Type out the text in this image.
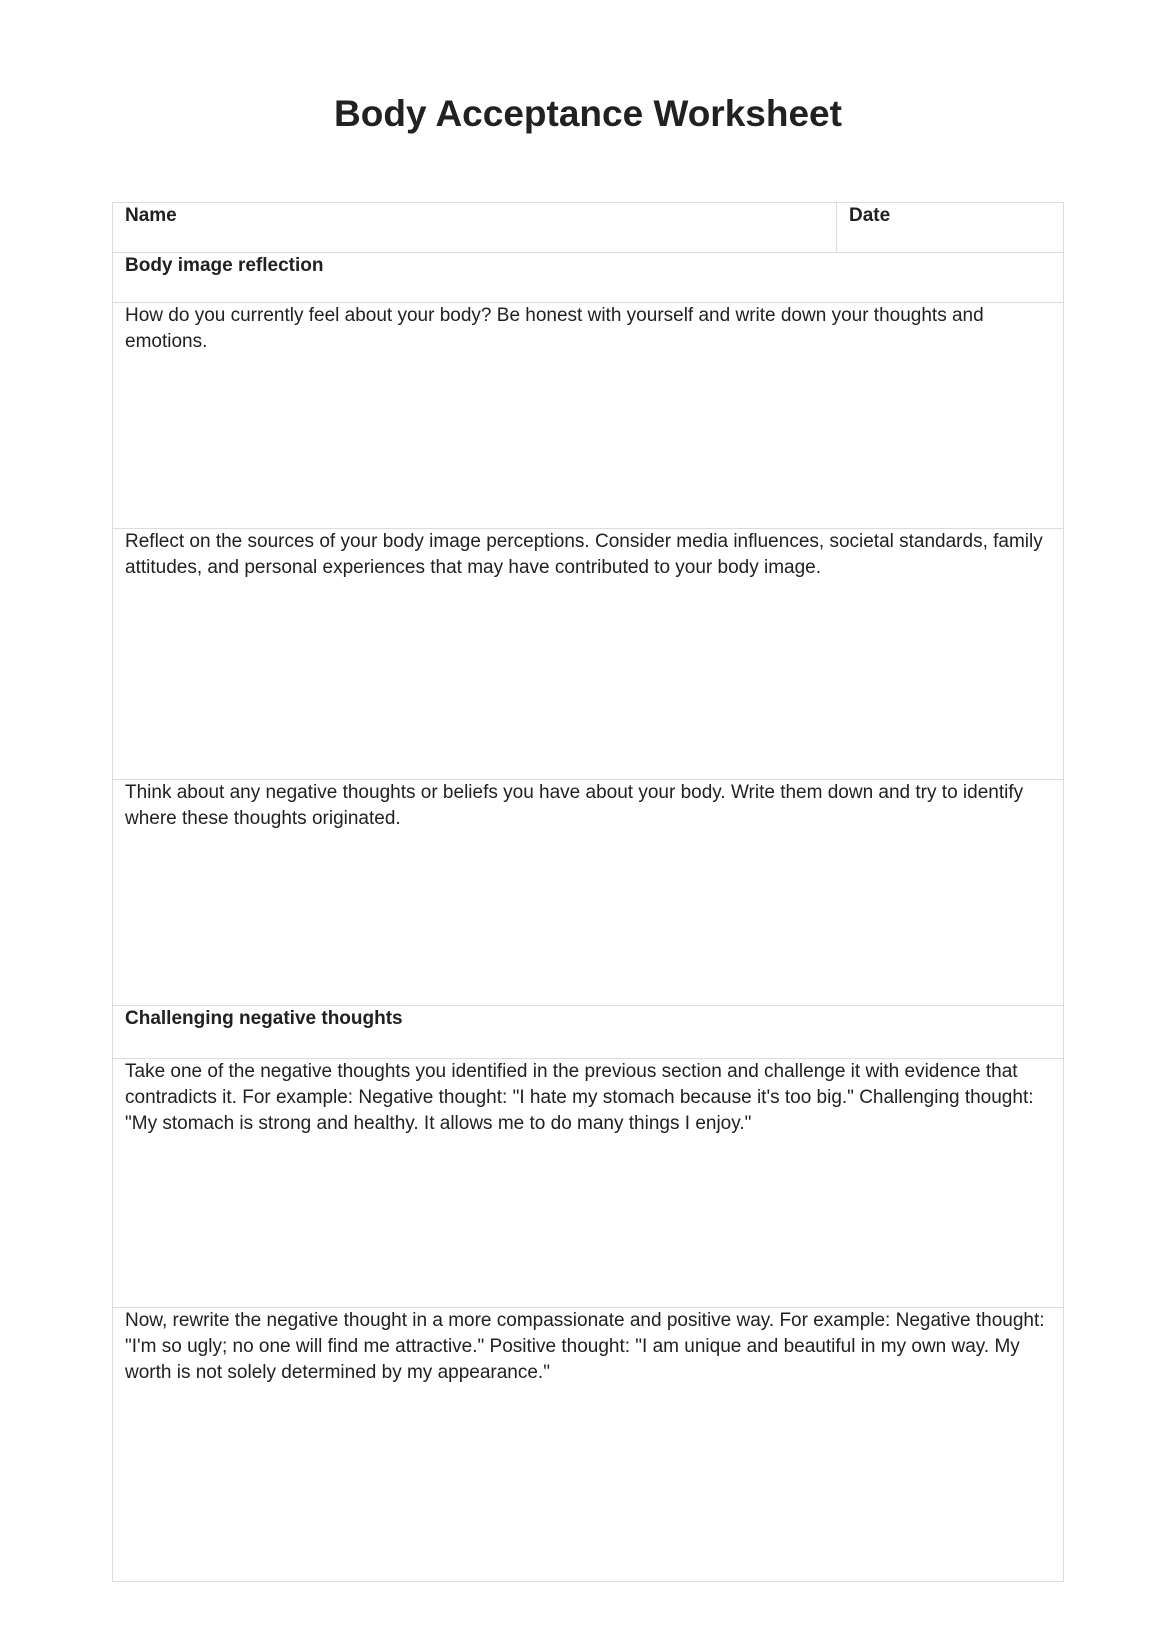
Body Acceptance Worksheet
Name	Date
Body image reflection

How do you currently feel about your body? Be honest with yourself and write down your thoughts and emotions.

Reflect on the sources of your body image perceptions. Consider media influences, societal standards, family attitudes, and personal experiences that may have contributed to your body image.

Think about any negative thoughts or beliefs you have about your body. Write them down and try to identify where these thoughts originated.

Challenging negative thoughts

Take one of the negative thoughts you identified in the previous section and challenge it with evidence that contradicts it. For example: Negative thought: "I hate my stomach because it's too big." Challenging thought: "My stomach is strong and healthy. It allows me to do many things I enjoy."

Now, rewrite the negative thought in a more compassionate and positive way. For example: Negative thought: "I'm so ugly; no one will find me attractive." Positive thought: "I am unique and beautiful in my own way. My worth is not solely determined by my appearance."
